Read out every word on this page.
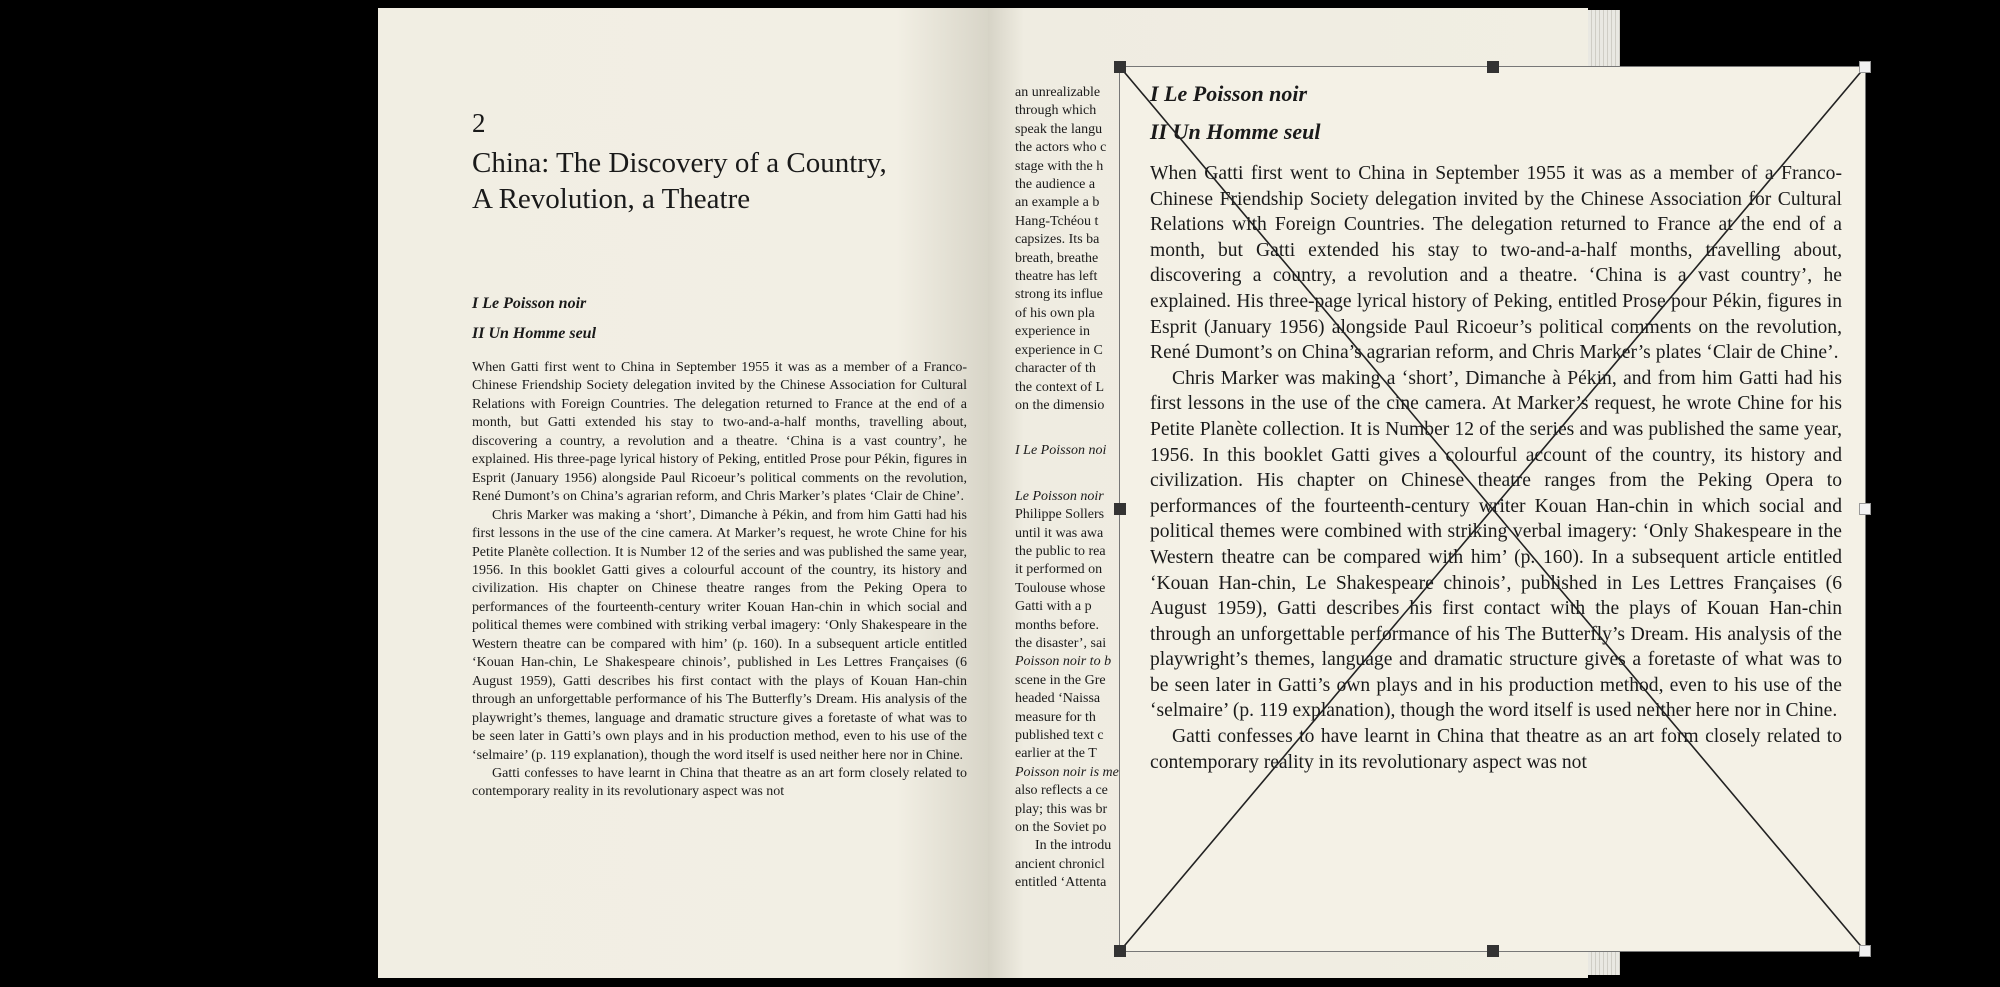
2
China: The Discovery of a Country,
A Revolution, a Theatre

I Le Poisson noir

II Un Homme seul

When Gatti first went to China in September 1955 it was as a member of a Franco-Chinese Friendship Society delegation invited by the Chinese Association for Cultural Relations with Foreign Countries. The delegation returned to France at the end of a month, but Gatti extended his stay to two-and-a-half months, travelling about, discovering a country, a revolution and a theatre. ‘China is a vast country’, he explained. His three-page lyrical history of Peking, entitled Prose pour Pékin, figures in Esprit (January 1956) alongside Paul Ricoeur’s political comments on the revolution, René Dumont’s on China’s agrarian reform, and Chris Marker’s plates ‘Clair de Chine’.

Chris Marker was making a ‘short’, Dimanche à Pékin, and from him Gatti had his first lessons in the use of the cine camera. At Marker’s request, he wrote Chine for his Petite Planète collection. It is Number 12 of the series and was published the same year, 1956. In this booklet Gatti gives a colourful account of the country, its history and civilization. His chapter on Chinese theatre ranges from the Peking Opera to performances of the fourteenth-century writer Kouan Han-chin in which social and political themes were combined with striking verbal imagery: ‘Only Shakespeare in the Western theatre can be compared with him’ (p. 160). In a subsequent article entitled ‘Kouan Han-chin, Le Shakespeare chinois’, published in Les Lettres Françaises (6 August 1959), Gatti describes his first contact with the plays of Kouan Han-chin through an unforgettable performance of his The Butterfly’s Dream. His analysis of the playwright’s themes, language and dramatic structure gives a foretaste of what was to be seen later in Gatti’s own plays and in his production method, even to his use of the ‘selmaire’ (p. 119 explanation), though the word itself is used neither here nor in Chine.

Gatti confesses to have learnt in China that theatre as an art form closely related to contemporary reality in its revolutionary aspect was not

an unrealizable
through which
speak the langu
the actors who c
stage with the h
the audience a
an example a b
Hang-Tchéou t
capsizes. Its ba
breath, breathe
theatre has left
strong its influe
of his own pla
experience in
experience in C
character of th
the context of L
on the dimensio
I Le Poisson noi
Le Poisson noir
Philippe Sollers
until it was awa
the public to rea
it performed on
Toulouse whose
Gatti with a p
months before.
the disaster’, sai
Poisson noir to b
scene in the Gre
headed ‘Naissa
measure for th
published text c
earlier at the T
Poisson noir is me
also reflects a ce
play; this was br
on the Soviet po
In the introdu
ancient chronicl
entitled ‘Attenta

I Le Poisson noir

II Un Homme seul

When Gatti first went to China in September 1955 it was as a member of a Franco-Chinese Friendship Society delegation invited by the Chinese Association for Cultural Relations with Foreign Countries. The delegation returned to France at the end of a month, but Gatti extended his stay to two-and-a-half months, travelling about, discovering a country, a revolution and a theatre. ‘China is a vast country’, he explained. His three-page lyrical history of Peking, entitled Prose pour Pékin, figures in Esprit (January 1956) alongside Paul Ricoeur’s political comments on the revolution, René Dumont’s on China’s agrarian reform, and Chris Marker’s plates ‘Clair de Chine’.

Chris Marker was making a ‘short’, Dimanche à Pékin, and from him Gatti had his first lessons in the use of the cine camera. At Marker’s request, he wrote Chine for his Petite Planète collection. It is Number 12 of the series and was published the same year, 1956. In this booklet Gatti gives a colourful account of the country, its history and civilization. His chapter on Chinese theatre ranges from the Peking Opera to performances of the fourteenth-century writer Kouan Han-chin in which social and political themes were combined with striking verbal imagery: ‘Only Shakespeare in the Western theatre can be compared with him’ (p. 160). In a subsequent article entitled ‘Kouan Han-chin, Le Shakespeare chinois’, published in Les Lettres Françaises (6 August 1959), Gatti describes his first contact with the plays of Kouan Han-chin through an unforgettable performance of his The Butterfly’s Dream. His analysis of the playwright’s themes, language and dramatic structure gives a foretaste of what was to be seen later in Gatti’s own plays and in his production method, even to his use of the ‘selmaire’ (p. 119 explanation), though the word itself is used neither here nor in Chine.

Gatti confesses to have learnt in China that theatre as an art form closely related to contemporary reality in its revolutionary aspect was not
